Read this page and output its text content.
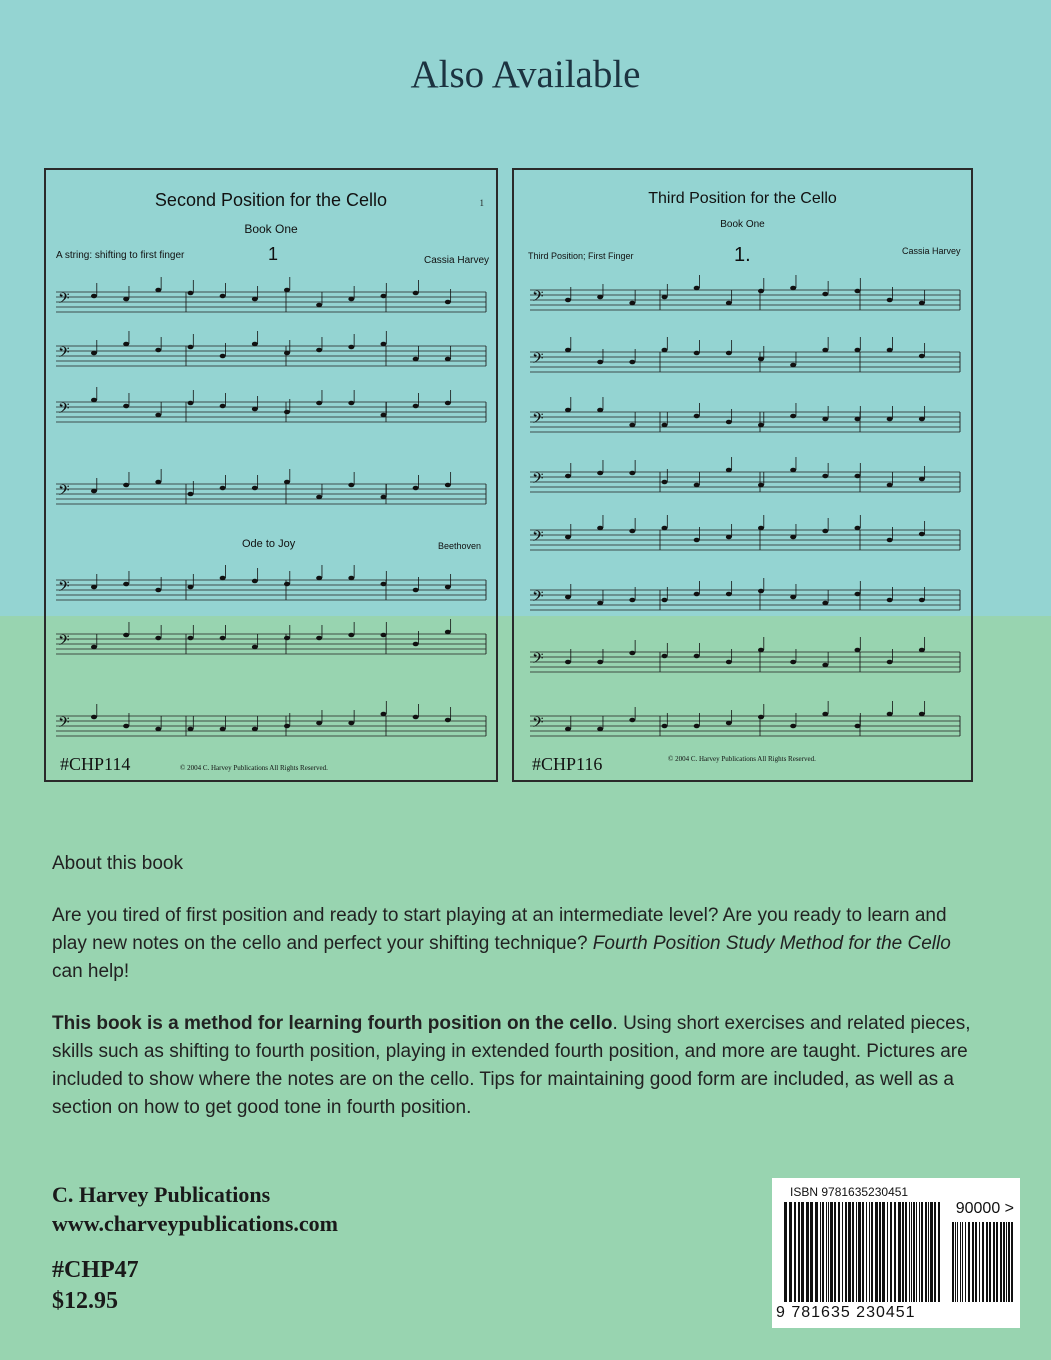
Also Available
𝄢
𝄢
𝄢
𝄢
𝄢
𝄢
𝄢
Second Position for the Cello
Book One
1
A string: shifting to first finger	1	Cassia Harvey
Ode to Joy	Beethoven
#CHP114	© 2004 C. Harvey Publications All Rights Reserved.
𝄢
𝄢
𝄢
𝄢
𝄢
𝄢
𝄢
𝄢
Third Position for the Cello
Book One
Third Position; First Finger	1.	Cassia Harvey
#CHP116	© 2004 C. Harvey Publications All Rights Reserved.
About this book

Are you tired of first position and ready to start playing at an intermediate level? Are you ready to learn and play new notes on the cello and perfect your shifting technique? Fourth Position Study Method for the Cello can help!

This book is a method for learning fourth position on the cello. Using short exercises and related pieces, skills such as shifting to fourth position, playing in extended fourth position, and more are taught. Pictures are included to show where the notes are on the cello. Tips for maintaining good form are included, as well as a section on how to get good tone in fourth position.

C. Harvey Publications
www.charveypublications.com
#CHP47
$12.95
ISBN 9781635230451
90000 >
9 781635 230451
